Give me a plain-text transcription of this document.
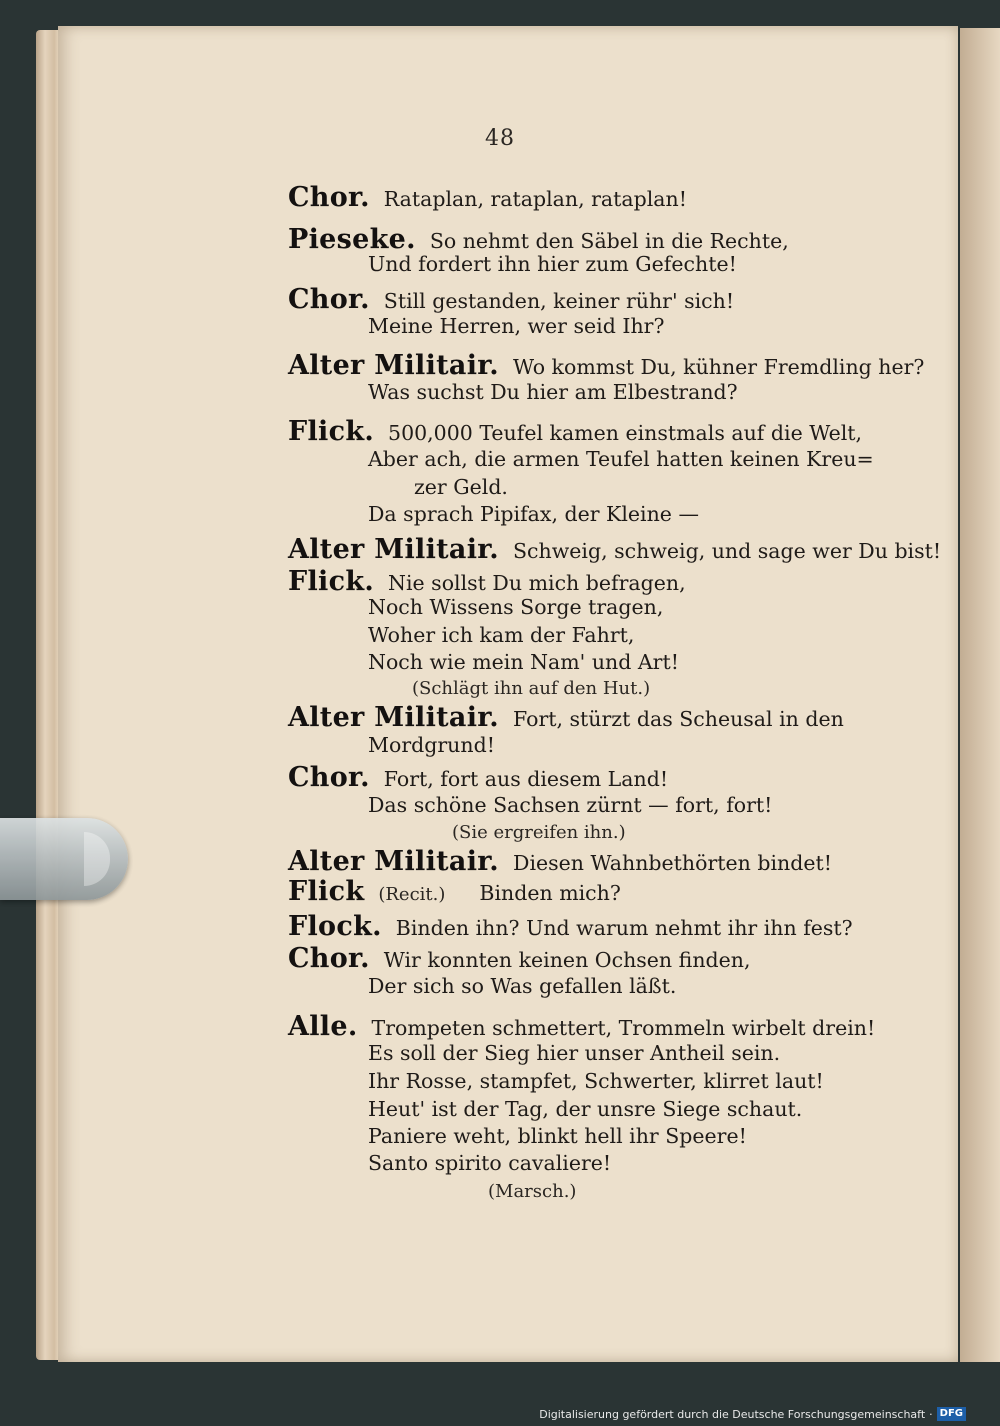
48
Chor. Rataplan, rataplan, rataplan!
Pieseke. So nehmt den Säbel in die Rechte,
Und fordert ihn hier zum Gefechte!
Chor. Still gestanden, keiner rühr' sich!
Meine Herren, wer seid Ihr?
Alter Militair. Wo kommst Du, kühner Fremdling her?
Was suchst Du hier am Elbestrand?
Flick. 500,000 Teufel kamen einstmals auf die Welt,
Aber ach, die armen Teufel hatten keinen Kreu=
zer Geld.
Da sprach Pipifax, der Kleine —
Alter Militair. Schweig, schweig, und sage wer Du bist!
Flick. Nie sollst Du mich befragen,
Noch Wissens Sorge tragen,
Woher ich kam der Fahrt,
Noch wie mein Nam' und Art!
(Schlägt ihn auf den Hut.)
Alter Militair. Fort, stürzt das Scheusal in den
Mordgrund!
Chor. Fort, fort aus diesem Land!
Das schöne Sachsen zürnt — fort, fort!
(Sie ergreifen ihn.)
Alter Militair. Diesen Wahnbethörten bindet!
Flick (Recit.) Binden mich?
Flock. Binden ihn? Und warum nehmt ihr ihn fest?
Chor. Wir konnten keinen Ochsen finden,
Der sich so Was gefallen läßt.
Alle. Trompeten schmettert, Trommeln wirbelt drein!
Es soll der Sieg hier unser Antheil sein.
Ihr Rosse, stampfet, Schwerter, klirret laut!
Heut' ist der Tag, der unsre Siege schaut.
Paniere weht, blinkt hell ihr Speere!
Santo spirito cavaliere!
(Marsch.)
Digitalisierung gefördert durch die Deutsche Forschungsgemeinschaft · DFG
